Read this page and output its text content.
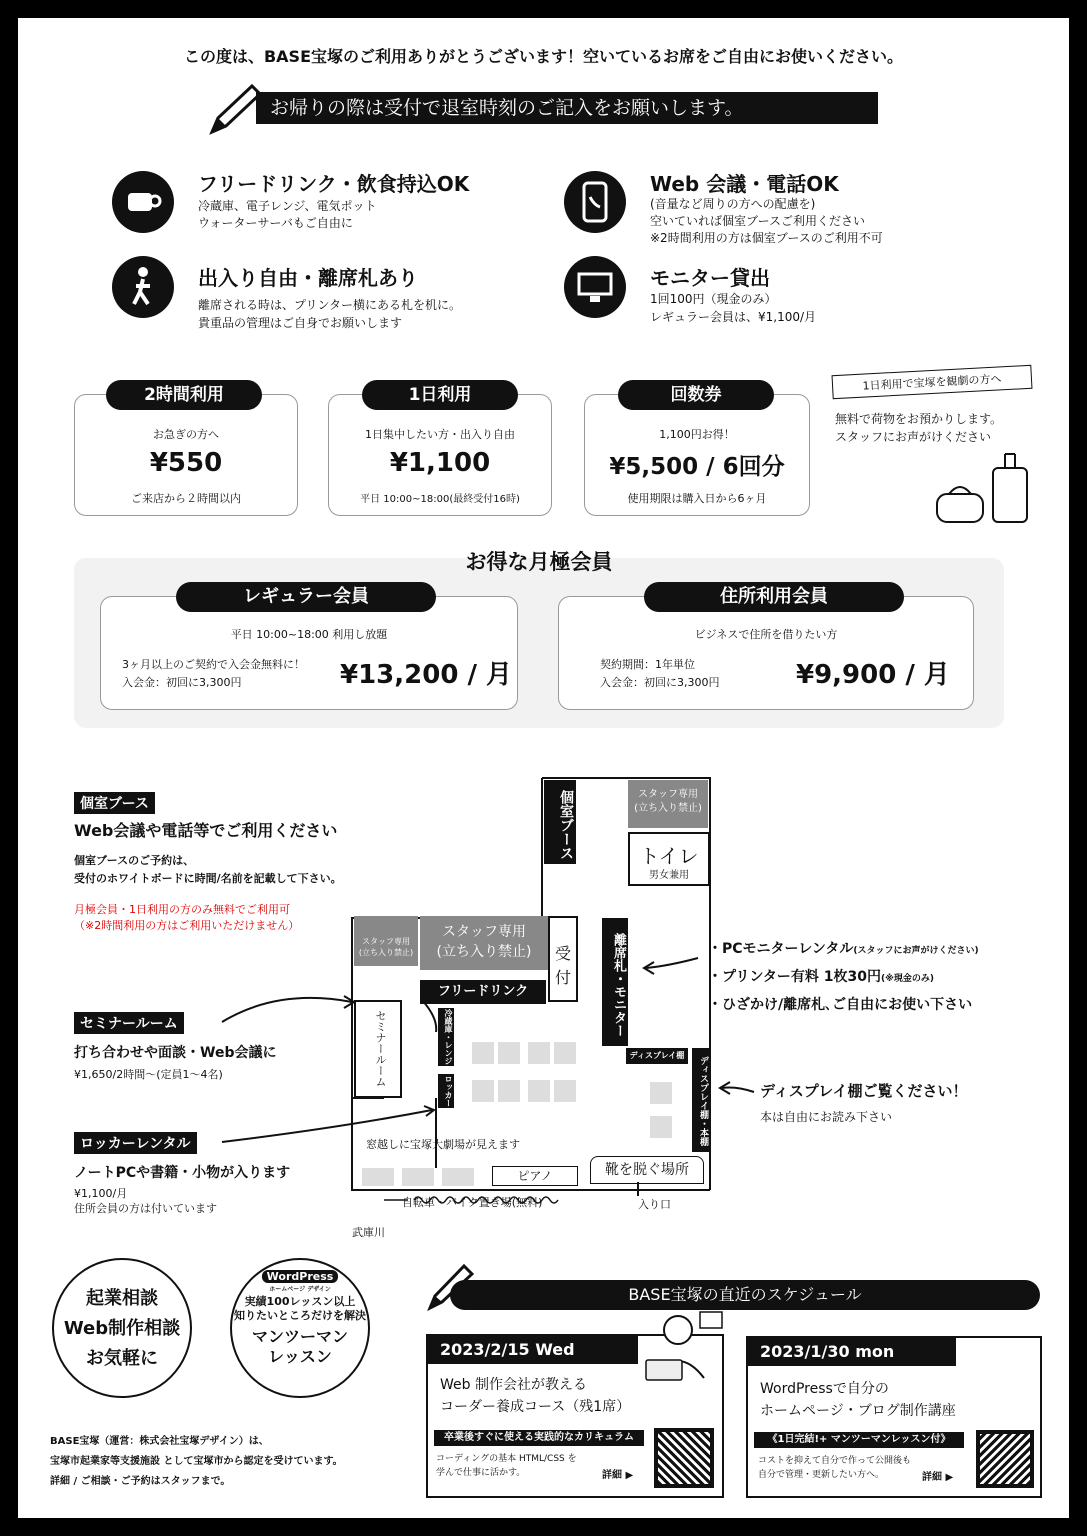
この度は、BASE宝塚のご利用ありがとうございます！空いているお席をご自由にお使いください。
お帰りの際は受付で退室時刻のご記入をお願いします。
フリードリンク・飲食持込OK
冷蔵庫、電子レンジ、電気ポット
ウォーターサーバもご自由に
Web 会議・電話OK
(音量など周りの方への配慮を)
空いていれば個室ブースご利用ください
※2時間利用の方は個室ブースのご利用不可
出入り自由・離席札あり
離席される時は、プリンター横にある札を机に。
貴重品の管理はご自身でお願いします
モニター貸出
1回100円（現金のみ）
レギュラー会員は、¥1,100/月
2時間利用
お急ぎの方へ
¥550
ご来店から２時間以内
1日利用
1日集中したい方・出入り自由
¥1,100
平日 10:00~18:00(最終受付16時)
回数券
1,100円お得！
¥5,500 / 6回分
使用期限は購入日から6ヶ月
1日利用で宝塚を観劇の方へ
無料で荷物をお預かりします。
スタッフにお声がけください
お得な月極会員
レギュラー会員
平日 10:00~18:00 利用し放題
3ヶ月以上のご契約で入会金無料に！
入会金：初回に3,300円	¥13,200 / 月
住所利用会員
ビジネスで住所を借りたい方
契約期間：1年単位
入会金：初回に3,300円	¥9,900 / 月
個室ブース
Web会議や電話等でご利用ください
個室ブースのご予約は、
受付のホワイトボードに時間/名前を記載して下さい。
月極会員・1日利用の方のみ無料でご利用可
（※2時間利用の方はご利用いただけません）
セミナールーム
打ち合わせや面談・Web会議に
¥1,650/2時間～(定員1～4名)
ロッカーレンタル
ノートPCや書籍・小物が入ります
¥1,100/月
住所会員の方は付いています
個室ブース	スタッフ専用
(立ち入り禁止)
トイレ
男女兼用
スタッフ専用
(立ち入り禁止)
スタッフ専用
(立ち入り禁止)	受付
フリードリンク	離席札・モニター
セミナールーム	冷蔵庫・レンジ
ロッカー
ディスプレイ棚
ディスプレイ棚・本棚
窓越しに宝塚大劇場が見えます
ピアノ	靴を脱ぐ場所
入り口
自転車・バイク置き場(無料)
武庫川
・PCモニターレンタル(スタッフにお声がけください)
・プリンター有料 1枚30円(※現金のみ)
・ひざかけ/離席札､ご自由にお使い下さい
ディスプレイ棚ご覧ください！
本は自由にお読み下さい
起業相談
Web制作相談
お気軽に
WordPress
ホームページ デザイン
実績100レッスン以上
知りたいところだけを解決
マンツーマン
レッスン
BASE宝塚（運営：株式会社宝塚デザイン）は、
宝塚市起業家等支援施設 として宝塚市から認定を受けています。
詳細 / ご相談・ご予約はスタッフまで。
BASE宝塚の直近のスケジュール
2023/2/15 Wed
Web 制作会社が教える
コーダー養成コース（残1席）
卒業後すぐに使える実践的なカリキュラム
コーディングの基本 HTML/CSS を
学んで仕事に活かす。	詳細 ▶
2023/1/30 mon
WordPressで自分の
ホームページ・ブログ制作講座
《1日完結!+ マンツーマンレッスン付》
コストを抑えて自分で作って公開後も
自分で管理・更新したい方へ。	詳細 ▶
